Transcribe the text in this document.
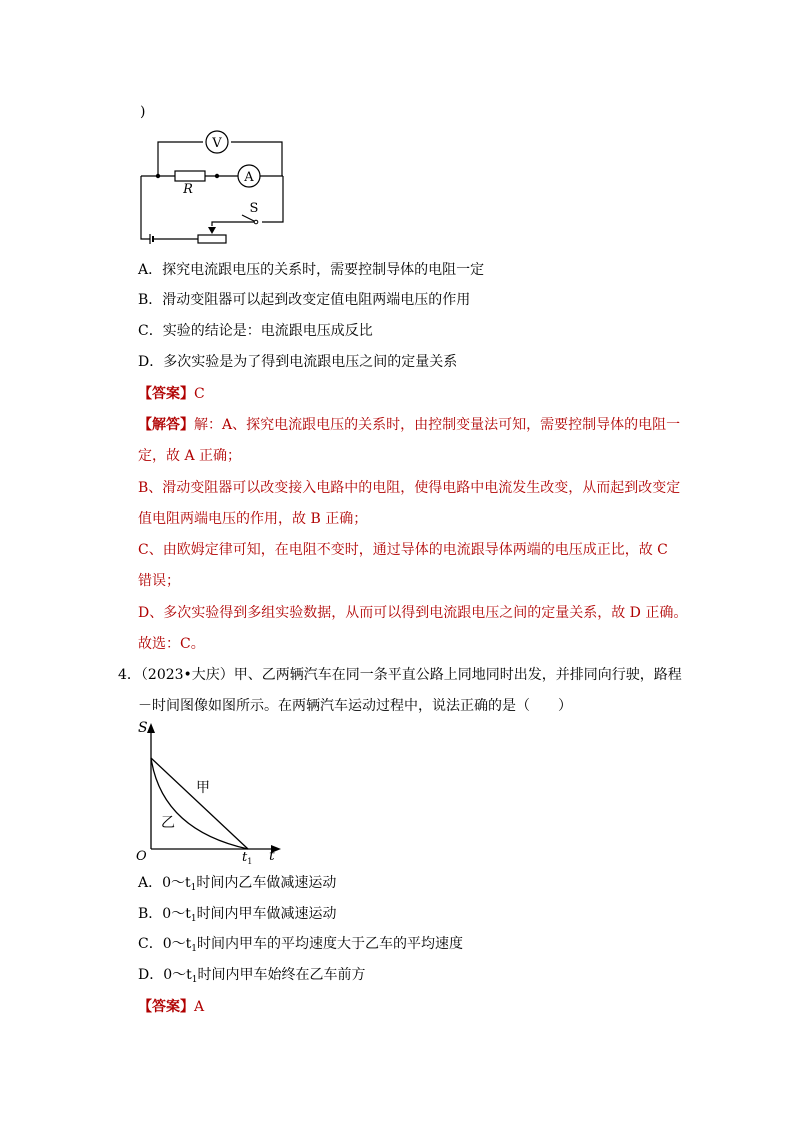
)
V
A
R
S
A．探究电流跟电压的关系时，需要控制导体的电阻一定
B．滑动变阻器可以起到改变定值电阻两端电压的作用
C．实验的结论是：电流跟电压成反比
D．多次实验是为了得到电流跟电压之间的定量关系
【答案】C
【解答】解：A、探究电流跟电压的关系时，由控制变量法可知，需要控制导体的电阻一
定，故 A 正确；
B、滑动变阻器可以改变接入电路中的电阻，使得电路中电流发生改变，从而起到改变定
值电阻两端电压的作用，故 B 正确；
C、由欧姆定律可知，在电阻不变时，通过导体的电流跟导体两端的电压成正比，故 C
错误；
D、多次实验得到多组实验数据，从而可以得到电流跟电压之间的定量关系，故 D 正确。
故选：C。
4．（2023•大庆）甲、乙两辆汽车在同一条平直公路上同地同时出发，并排同向行驶，路程
－时间图像如图所示。在两辆汽车运动过程中，说法正确的是（　　）
S
t
O	$t_1$
甲
乙
A．$0\sim t_1$时间内乙车做减速运动
B．$0\sim t_1$时间内甲车做减速运动
C．$0\sim t_1$时间内甲车的平均速度大于乙车的平均速度
D．$0\sim t_1$时间内甲车始终在乙车前方
【答案】A
